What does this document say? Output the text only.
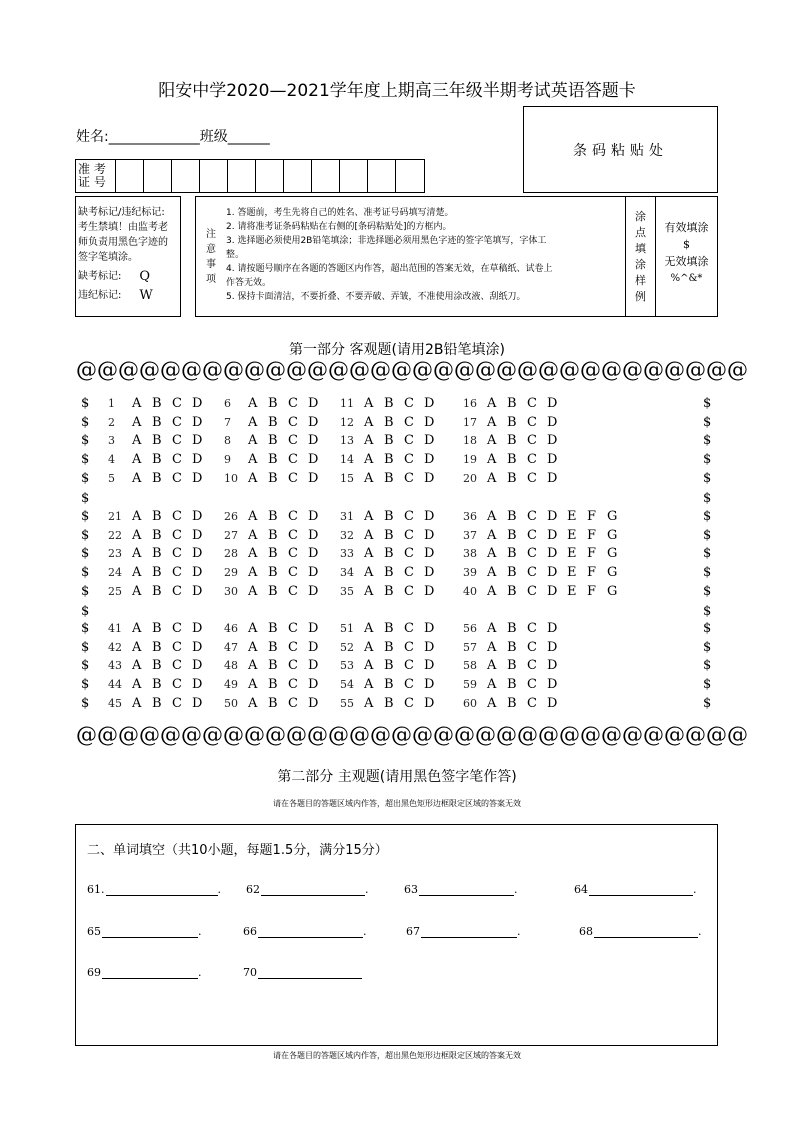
阳安中学2020—2021学年度上期高三年级半期考试英语答题卡
姓名:_____________班级______
条码粘贴处
准 考
证 号
缺考标记/违纪标记:
考生禁填！由监考老
师负责用黑色字迹的
签字笔填涂。
缺考标记: Q
违纪标记: W
注
意
事
项
1. 答题前，考生先将自己的姓名、准考证号码填写清楚。
2. 请将准考证条码粘贴在右侧的[条码粘贴处]的方框内。
3. 选择题必须使用2B铅笔填涂；非选择题必须用黑色字迹的签字笔填写，字体工
整。
4. 请按题号顺序在各题的答题区内作答，超出范围的答案无效，在草稿纸、试卷上
作答无效。
5. 保持卡面清洁，不要折叠、不要弄破、弄皱，不准使用涂改液、刮纸刀。
涂
点
填
涂
样
例
有效填涂
$
无效填涂
%^&*
第一部分 客观题(请用2B铅笔填涂)
@ @@@@@@@@@@@@@@@@@@@@@@@@@@@@@@ @
$	$
1 A B C D	6 A B C D	11 A B C D	16 A B C D
$	$
2 A B C D	7 A B C D	12 A B C D	17 A B C D
$	$
3 A B C D	8 A B C D	13 A B C D	18 A B C D
$	$
4 A B C D	9 A B C D	14 A B C D	19 A B C D
$	$
5 A B C D	10 A B C D	15 A B C D	20 A B C D
$	$
$	$
21 A B C D	26 A B C D	31 A B C D	36 A B C D E F G
$	$
22 A B C D	27 A B C D	32 A B C D	37 A B C D E F G
$	$
23 A B C D	28 A B C D	33 A B C D	38 A B C D E F G
$	$
24 A B C D	29 A B C D	34 A B C D	39 A B C D E F G
$	$
25 A B C D	30 A B C D	35 A B C D	40 A B C D E F G
$	$
$	$
41 A B C D	46 A B C D	51 A B C D	56 A B C D
$	$
42 A B C D	47 A B C D	52 A B C D	57 A B C D
$	$
43 A B C D	48 A B C D	53 A B C D	58 A B C D
$	$
44 A B C D	49 A B C D	54 A B C D	59 A B C D
$	$
45 A B C D	50 A B C D	55 A B C D	60 A B C D
@ @@@@@@@@@@@@@@@@@@@@@@@@@@@@@@ @
第二部分 主观题(请用黑色签字笔作答)
请在各题目的答题区域内作答，超出黑色矩形边框限定区域的答案无效
二、单词填空（共10小题，每题1.5分，满分15分）
61.	. 62	.	63	.	64	.
65	.	66	.	67	.	68	.
69	.	70
请在各题目的答题区域内作答，超出黑色矩形边框限定区域的答案无效
